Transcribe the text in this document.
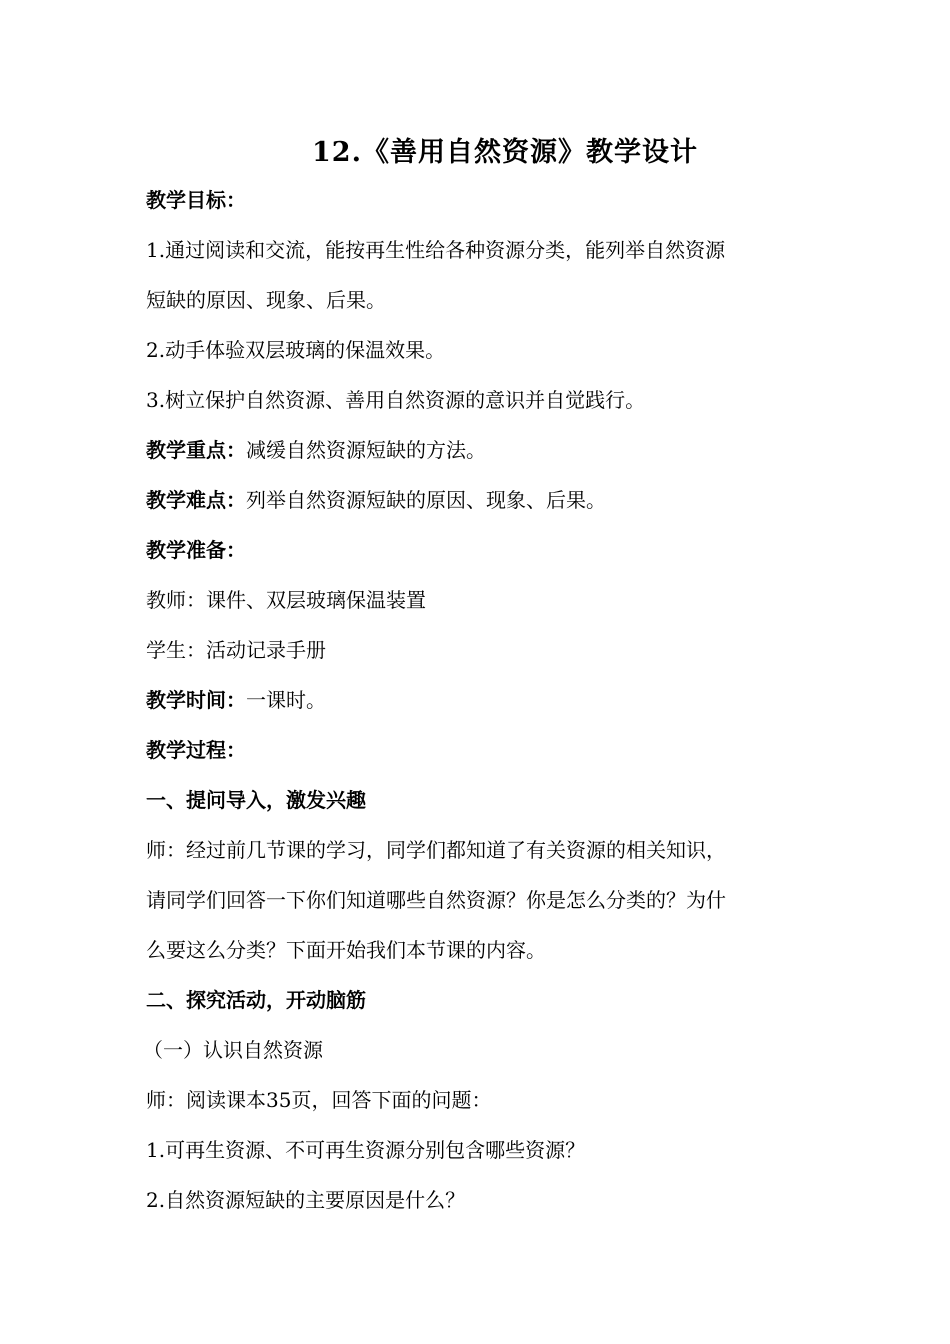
12.《善用自然资源》教学设计
教学目标：
1.通过阅读和交流，能按再生性给各种资源分类，能列举自然资源
短缺的原因、现象、后果。
2.动手体验双层玻璃的保温效果。
3.树立保护自然资源、善用自然资源的意识并自觉践行。
教学重点：减缓自然资源短缺的方法。
教学难点：列举自然资源短缺的原因、现象、后果。
教学准备：
教师：课件、双层玻璃保温装置
学生：活动记录手册
教学时间：一课时。
教学过程：
一、提问导入，激发兴趣
师：经过前几节课的学习，同学们都知道了有关资源的相关知识，
请同学们回答一下你们知道哪些自然资源？你是怎么分类的？为什
么要这么分类？下面开始我们本节课的内容。
二、探究活动，开动脑筋
（一）认识自然资源
师：阅读课本35页，回答下面的问题：
1.可再生资源、不可再生资源分别包含哪些资源？
2.自然资源短缺的主要原因是什么？
